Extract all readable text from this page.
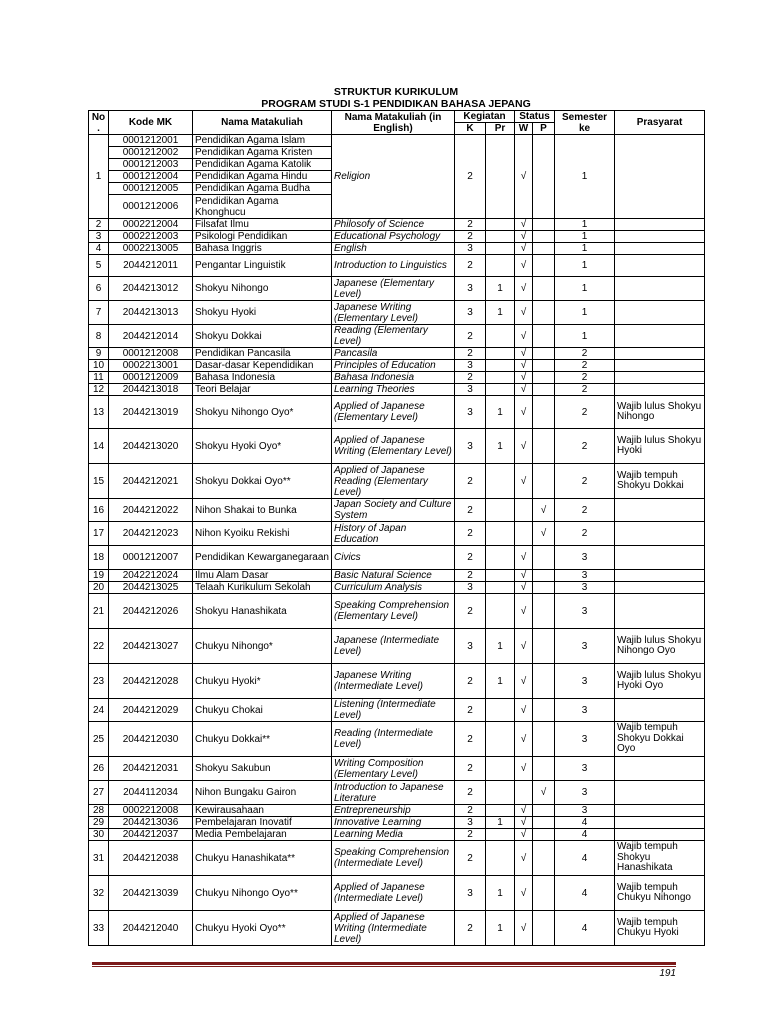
STRUKTUR KURIKULUM
PROGRAM STUDI S-1 PENDIDIKAN BAHASA JEPANG
No .	Kode MK	Nama Matakuliah	Nama Matakuliah (in English)	Kegiatan		Status		Semester ke	Prasyarat
				K	Pr	W	P		
1	0001212001	Pendidikan Agama Islam	Religion	2		√		1	
	0001212002	Pendidikan Agama Kristen							
	0001212003	Pendidikan Agama Katolik							
	0001212004	Pendidikan Agama Hindu							
	0001212005	Pendidikan Agama Budha							
	0001212006	Pendidikan Agama Khonghucu							
2	0002212004	Filsafat Ilmu	Philosofy of Science	2		√		1	
3	0002212003	Psikologi Pendidikan	Educational Psychology	2		√		1	
4	0002213005	Bahasa Inggris	English	3		√		1	
5	2044212011	Pengantar Linguistik	Introduction to Linguistics	2		√		1	
6	2044213012	Shokyu Nihongo	Japanese (Elementary Level)	3	1	√		1	
7	2044213013	Shokyu Hyoki	Japanese Writing (Elementary Level)	3	1	√		1	
8	2044212014	Shokyu Dokkai	Reading (Elementary Level)	2		√		1	
9	0001212008	Pendidikan Pancasila	Pancasila	2		√		2	
10	0002213001	Dasar-dasar Kependidikan	Principles of Education	3		√		2	
11	0001212009	Bahasa Indonesia	Bahasa Indonesia	2		√		2	
12	2044213018	Teori Belajar	Learning Theories	3		√		2	
13	2044213019	Shokyu Nihongo Oyo*	Applied of Japanese (Elementary Level)	3	1	√		2	Wajib lulus Shokyu Nihongo
14	2044213020	Shokyu Hyoki Oyo*	Applied of Japanese Writing (Elementary Level)	3	1	√		2	Wajib lulus Shokyu Hyoki
15	2044212021	Shokyu Dokkai Oyo**	Applied of Japanese Reading (Elementary Level)	2		√		2	Wajib tempuh Shokyu Dokkai
16	2044212022	Nihon Shakai to Bunka	Japan Society and Culture System	2			√	2	
17	2044212023	Nihon Kyoiku Rekishi	History of Japan Education	2			√	2	
18	0001212007	Pendidikan Kewarganegaraan	Civics	2		√		3	
19	2042212024	Ilmu Alam Dasar	Basic Natural Science	2		√		3	
20	2044213025	Telaah Kurikulum Sekolah	Curriculum Analysis	3		√		3	
21	2044212026	Shokyu Hanashikata	Speaking Comprehension (Elementary Level)	2		√		3	
22	2044213027	Chukyu Nihongo*	Japanese (Intermediate Level)	3	1	√		3	Wajib lulus Shokyu Nihongo Oyo
23	2044212028	Chukyu Hyoki*	Japanese Writing (Intermediate Level)	2	1	√		3	Wajib lulus Shokyu Hyoki Oyo
24	2044212029	Chukyu Chokai	Listening (Intermediate Level)	2		√		3	
25	2044212030	Chukyu Dokkai**	Reading (Intermediate Level)	2		√		3	Wajib tempuh Shokyu Dokkai Oyo
26	2044212031	Shokyu Sakubun	Writing Composition (Elementary Level)	2		√		3	
27	2044112034	Nihon Bungaku Gairon	Introduction to Japanese Literature	2			√	3	
28	0002212008	Kewirausahaan	Entrepreneurship	2		√		3	
29	2044213036	Pembelajaran Inovatif	Innovative Learning	3	1	√		4	
30	2044212037	Media Pembelajaran	Learning Media	2		√		4	
31	2044212038	Chukyu Hanashikata**	Speaking Comprehension (Intermediate Level)	2		√		4	Wajib tempuh Shokyu Hanashikata
32	2044213039	Chukyu Nihongo Oyo**	Applied of Japanese (Intermediate Level)	3	1	√		4	Wajib tempuh Chukyu Nihongo
33	2044212040	Chukyu Hyoki Oyo**	Applied of Japanese Writing (Intermediate Level)	2	1	√		4	Wajib tempuh Chukyu Hyoki
191
